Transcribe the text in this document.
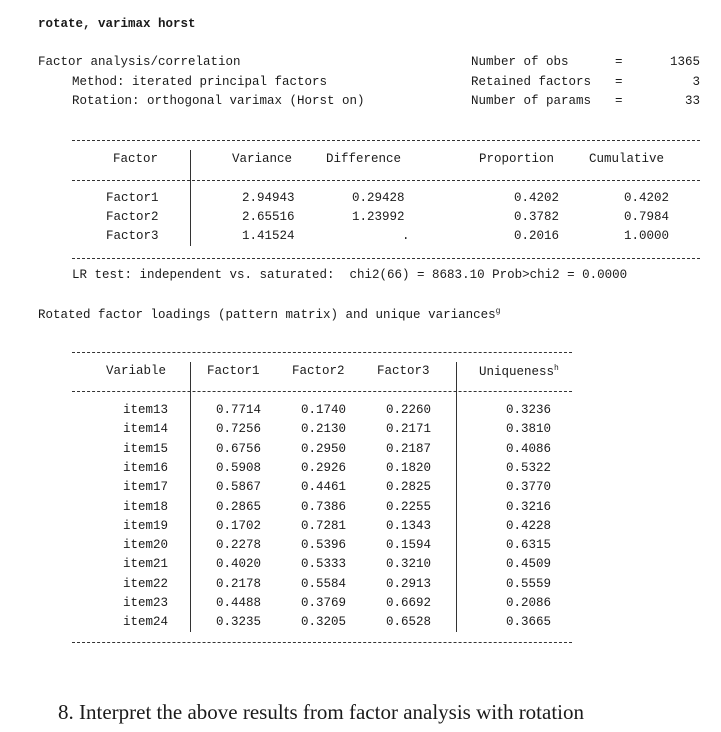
rotate, varimax horst
Factor analysis/correlation
Method: iterated principal factors
Rotation: orthogonal varimax (Horst on)
Number of obs	=	1365
Retained factors =	3
Number of params =	33
Factor	Variance	Difference	Proportion	Cumulative
Factor1	2.94943	0.29428	0.4202	0.4202
Factor2	2.65516	1.23992	0.3782	0.7984
Factor3	1.41524	.	0.2016	1.0000
LR test: independent vs. saturated:  chi2(66) = 8683.10 Prob>chi2 = 0.0000
Rotated factor loadings (pattern matrix) and unique variances$^g$
Variable	Factor1	Factor2	Factor3	Uniqueness$^h$
item13	0.7714	0.1740	0.2260	0.3236
item14	0.7256	0.2130	0.2171	0.3810
item15	0.6756	0.2950	0.2187	0.4086
item16	0.5908	0.2926	0.1820	0.5322
item17	0.5867	0.4461	0.2825	0.3770
item18	0.2865	0.7386	0.2255	0.3216
item19	0.1702	0.7281	0.1343	0.4228
item20	0.2278	0.5396	0.1594	0.6315
item21	0.4020	0.5333	0.3210	0.4509
item22	0.2178	0.5584	0.2913	0.5559
item23	0.4488	0.3769	0.6692	0.2086
item24	0.3235	0.3205	0.6528	0.3665
8. Interpret the above results from factor analysis with rotation
